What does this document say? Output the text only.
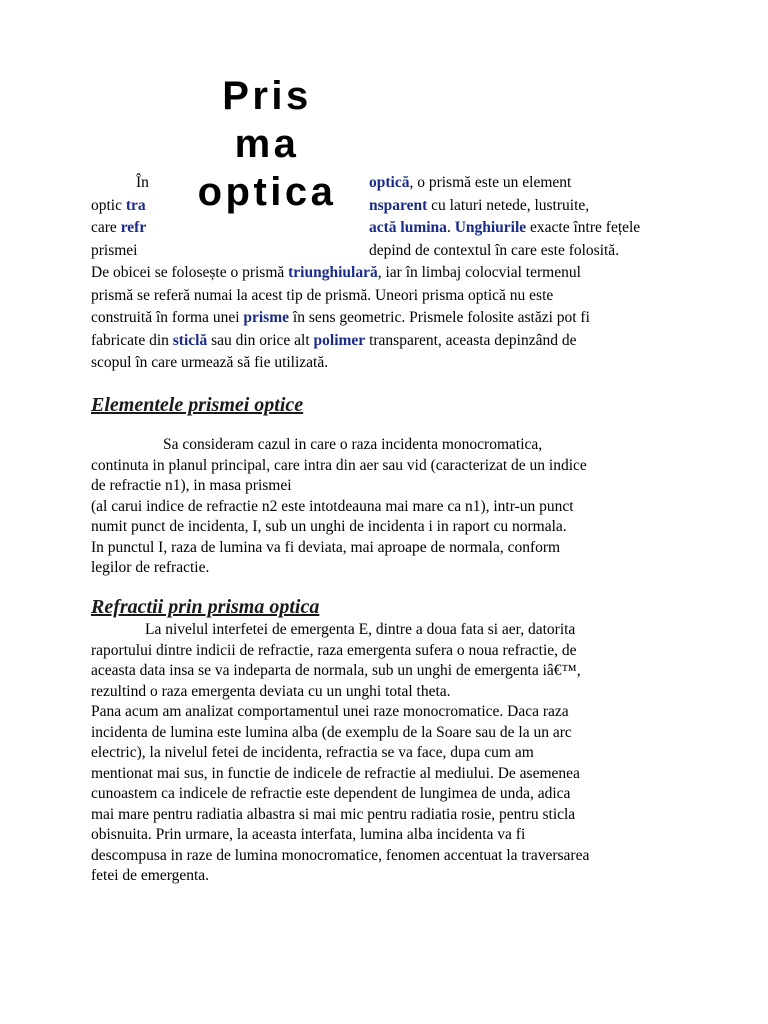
Pris
ma
optica
În	optică, o prismă este un element
optic tra	nsparent cu laturi netede, lustruite,
care refr	actă lumina. Unghiurile exacte între fețele
prismei	depind de contextul în care este folosită.
De obicei se folosește o prismă triunghiulară, iar în limbaj colocvial termenul
prismă se referă numai la acest tip de prismă. Uneori prisma optică nu este
construită în forma unei prisme în sens geometric. Prismele folosite astăzi pot fi
fabricate din sticlă sau din orice alt polimer transparent, aceasta depinzând de
scopul în care urmează să fie utilizată.
Elementele prismei optice
Sa consideram cazul in care o raza incidenta monocromatica,
continuta in planul principal, care intra din aer sau vid (caracterizat de un indice
de refractie n1), in masa prismei
(al carui indice de refractie n2 este intotdeauna mai mare ca n1), intr-un punct
numit punct de incidenta, I, sub un unghi de incidenta i in raport cu normala.
In punctul I, raza de lumina va fi deviata, mai aproape de normala, conform
legilor de refractie.
Refractii prin prisma optica
La nivelul interfetei de emergenta E, dintre a doua fata si aer, datorita
raportului dintre indicii de refractie, raza emergenta sufera o noua refractie, de
aceasta data insa se va indeparta de normala, sub un unghi de emergenta iâ€™,
rezultind o raza emergenta deviata cu un unghi total theta.
Pana acum am analizat comportamentul unei raze monocromatice. Daca raza
incidenta de lumina este lumina alba (de exemplu de la Soare sau de la un arc
electric), la nivelul fetei de incidenta, refractia se va face, dupa cum am
mentionat mai sus, in functie de indicele de refractie al mediului. De asemenea
cunoastem ca indicele de refractie este dependent de lungimea de unda, adica
mai mare pentru radiatia albastra si mai mic pentru radiatia rosie, pentru sticla
obisnuita. Prin urmare, la aceasta interfata, lumina alba incidenta va fi
descompusa in raze de lumina monocromatice, fenomen accentuat la traversarea
fetei de emergenta.
